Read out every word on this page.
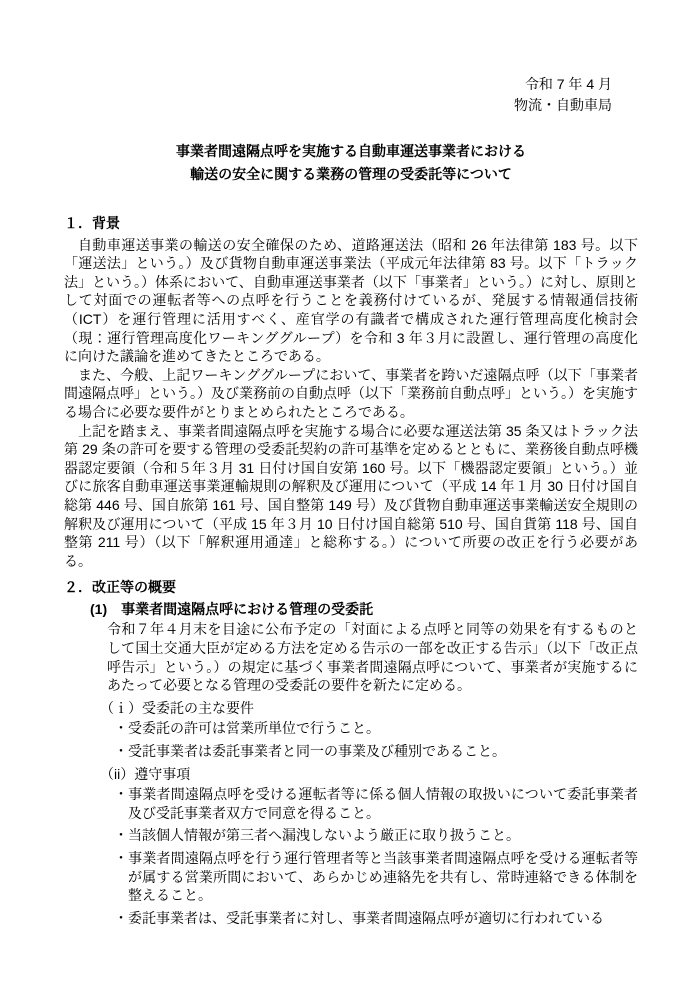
令和 7 年 4 月
物流・自動車局
事業者間遠隔点呼を実施する自動車運送事業者における
輸送の安全に関する業務の管理の受委託等について
１．背景

自動車運送事業の輸送の安全確保のため、道路運送法（昭和 26 年法律第 183 号。以下「運送法」という。）及び貨物自動車運送事業法（平成元年法律第 83 号。以下「トラック法」という。）体系において、自動車運送事業者（以下「事業者」という。）に対し、原則として対面での運転者等への点呼を行うことを義務付けているが、発展する情報通信技術（ICT）を運行管理に活用すべく、産官学の有識者で構成された運行管理高度化検討会（現：運行管理高度化ワーキンググループ）を令和 3 年３月に設置し、運行管理の高度化に向けた議論を進めてきたところである。

また、今般、上記ワーキンググループにおいて、事業者を跨いだ遠隔点呼（以下「事業者間遠隔点呼」という。）及び業務前の自動点呼（以下「業務前自動点呼」という。）を実施する場合に必要な要件がとりまとめられたところである。

上記を踏まえ、事業者間遠隔点呼を実施する場合に必要な運送法第 35 条又はトラック法第 29 条の許可を要する管理の受委託契約の許可基準を定めるとともに、業務後自動点呼機器認定要領（令和５年３月 31 日付け国自安第 160 号。以下「機器認定要領」という。）並びに旅客自動車運送事業運輸規則の解釈及び運用について（平成 14 年１月 30 日付け国自総第 446 号、国自旅第 161 号、国自整第 149 号）及び貨物自動車運送事業輸送安全規則の解釈及び運用について（平成 15 年３月 10 日付け国自総第 510 号、国自貨第 118 号、国自整第 211 号）（以下「解釈運用通達」と総称する。）について所要の改正を行う必要がある。

２．改正等の概要
(1)　事業者間遠隔点呼における管理の受委託

令和７年４月末を目途に公布予定の「対面による点呼と同等の効果を有するものとして国土交通大臣が定める方法を定める告示の一部を改正する告示」（以下「改正点呼告示」という。）の規定に基づく事業者間遠隔点呼について、事業者が実施するにあたって必要となる管理の受委託の要件を新たに定める。

（ｉ）受委託の主な要件
・受委託の許可は営業所単位で行うこと。
・受託事業者は委託事業者と同一の事業及び種別であること。
（ii）遵守事項
・事業者間遠隔点呼を受ける運転者等に係る個人情報の取扱いについて委託事業者及び受託事業者双方で同意を得ること。
・当該個人情報が第三者へ漏洩しないよう厳正に取り扱うこと。
・事業者間遠隔点呼を行う運行管理者等と当該事業者間遠隔点呼を受ける運転者等が属する営業所間において、あらかじめ連絡先を共有し、常時連絡できる体制を整えること。
・委託事業者は、受託事業者に対し、事業者間遠隔点呼が適切に行われている
